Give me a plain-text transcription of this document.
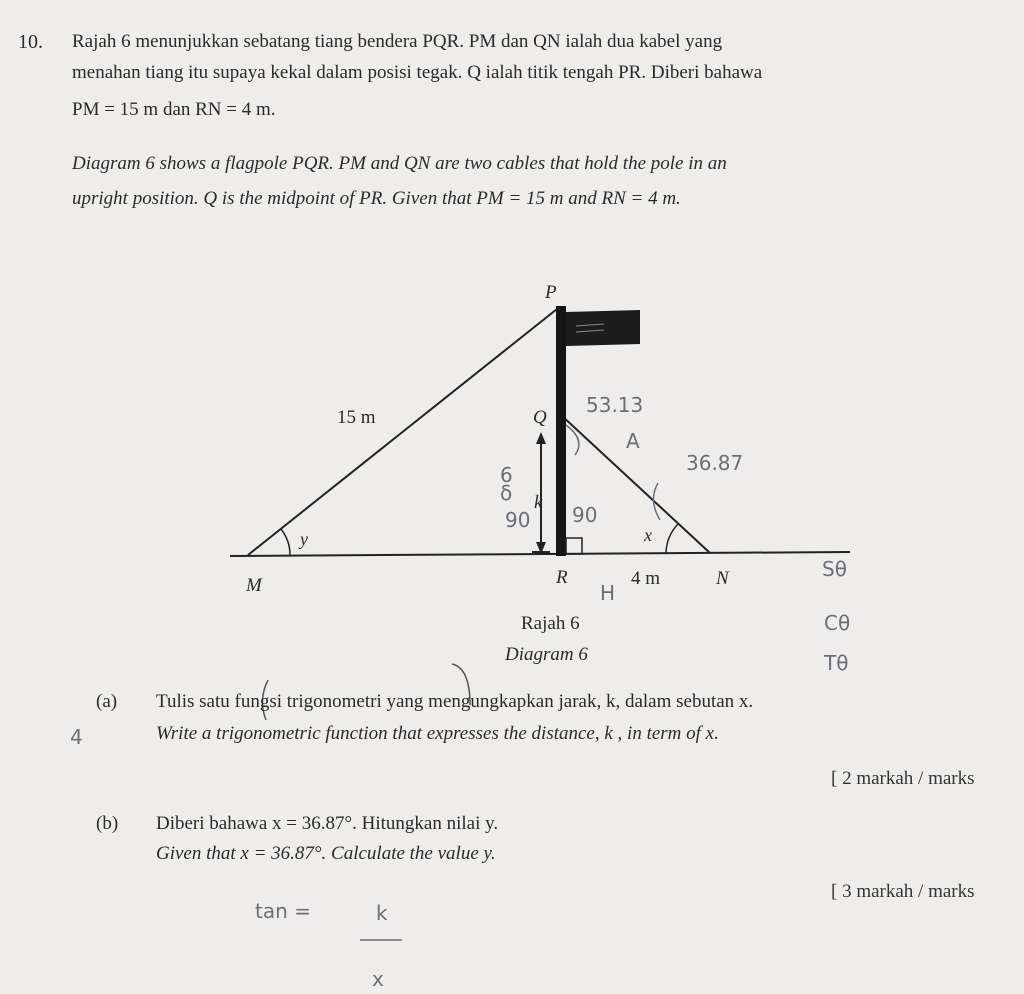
10. Rajah 6 menunjukkan sebatang tiang bendera PQR. PM dan QN ialah dua kabel yang
menahan tiang itu supaya kekal dalam posisi tegak. Q ialah titik tengah PR. Diberi bahawa
PM = 15 m dan RN = 4 m.
Diagram 6 shows a flagpole PQR. PM and QN are two cables that hold the pole in an
upright position. Q is the midpoint of PR. Given that PM = 15 m and RN = 4 m.
P
Q
R
M	N
15 m
4 m
k
x
y
53.13
A
36.87
6
δ
90 90
H
Sθ
Cθ
Tθ
tan =	k
x
4
Rajah 6
Diagram 6
(a) Tulis satu fungsi trigonometri yang mengungkapkan jarak, k, dalam sebutan x.
Write a trigonometric function that expresses the distance, k , in term of x.
[ 2 markah / marks
(b) Diberi bahawa x = 36.87°. Hitungkan nilai y.
Given that x = 36.87°. Calculate the value y.
[ 3 markah / marks
